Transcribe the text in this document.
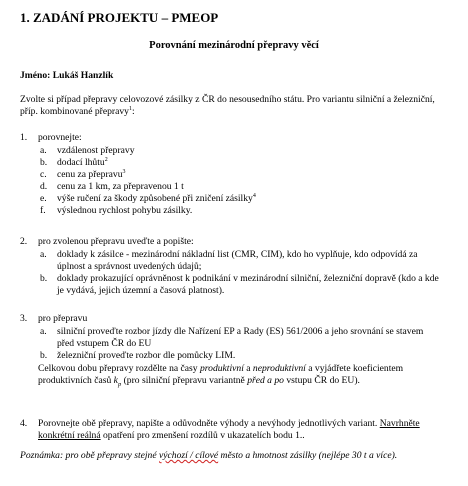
1. ZADÁNÍ PROJEKTU – PMEOP
Porovnání mezinárodní přepravy věcí
Jméno: Lukáš Hanzlík
Zvolte si případ přepravy celovozové zásilky z ČR do nesousedního státu. Pro variantu silniční a železniční, příp. kombinované přepravy$^1$:
1. porovnejte:
a. vzdálenost přepravy
b. dodací lhůtu$^2$
c. cenu za přepravu$^3$
d. cenu za 1 km, za přepravenou 1 t
e. výše ručení za škody způsobené při zničení zásilky$^4$
f. výslednou rychlost pohybu zásilky.
2. pro zvolenou přepravu uveďte a popište:
a. doklady k zásilce - mezinárodní nákladní list (CMR, CIM), kdo ho vyplňuje, kdo odpovídá za úplnost a správnost uvedených údajů;
b. doklady prokazující oprávněnost k podnikání v mezinárodní silniční, železniční dopravě (kdo a kde je vydává, jejich územní a časová platnost).
3. pro přepravu
a. silniční proveďte rozbor jízdy dle Nařízení EP a Rady (ES) 561/2006 a jeho srovnání se stavem před vstupem ČR do EU
b. železniční proveďte rozbor dle pomůcky LIM.
Celkovou dobu přepravy rozdělte na časy produktivní a neproduktivní a vyjádřete koeficientem produktivních časů $k_p$ (pro silniční přepravu variantně před a po vstupu ČR do EU).
4. Porovnejte obě přepravy, napište a odůvodněte výhody a nevýhody jednotlivých variant. Navrhněte konkrétní reálná opatření pro zmenšení rozdílů v ukazatelích bodu 1..
Poznámka: pro obě přepravy stejné výchozí / cílové město a hmotnost zásilky (nejlépe 30 t a více).
